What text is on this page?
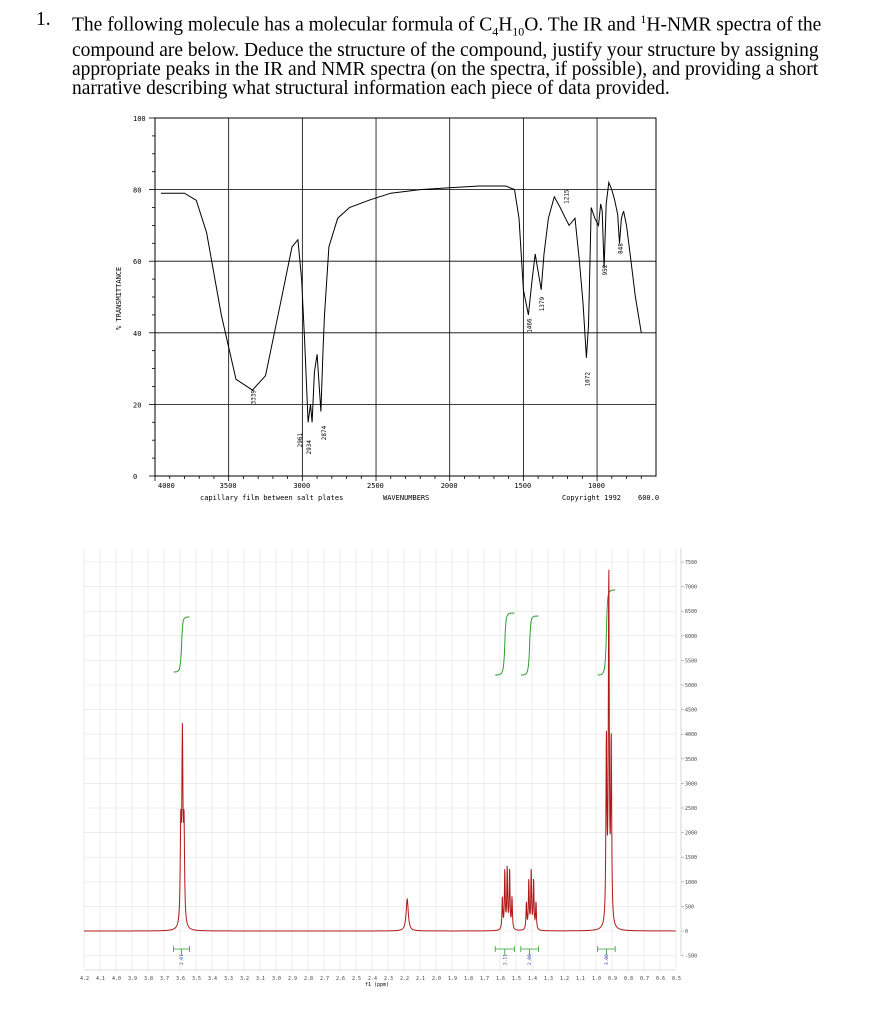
1. The following molecule has a molecular formula of $C_4H_{10}O$. The IR and $^1$H-NMR spectra of the compound are below. Deduce the structure of the compound, justify your structure by assigning appropriate peaks in the IR and NMR spectra (on the spectra, if possible), and providing a short narrative describing what structural information each piece of data provided.
100
80
60
40
20
0
4000	3500	3000	2500	2000	1500	1000
3339
2961 2934
2874
1466
1379
1215
1072
952
848
% TRANSMITTANCE
capillary film between salt plates	WAVENUMBERS	Copyright 1992 600.0
4.2 4.1 4.0 3.9 3.8 3.7 3.6 3.5 3.4 3.3 3.2 3.1 3.0 2.9 2.8 2.7 2.6 2.5 2.4 2.3 2.2 2.1 2.0 1.9 1.8 1.7 1.6 1.5 1.4 1.3 1.2 1.1 1.0 0.9 0.8 0.7 0.6 0.5
7500
7000
6500
6000
5500
5000
4500
4000
3500
3000
2500
2000
1500
1000
500
0
-500
2.01	2.11	2.00	3.00
f1 (ppm)
